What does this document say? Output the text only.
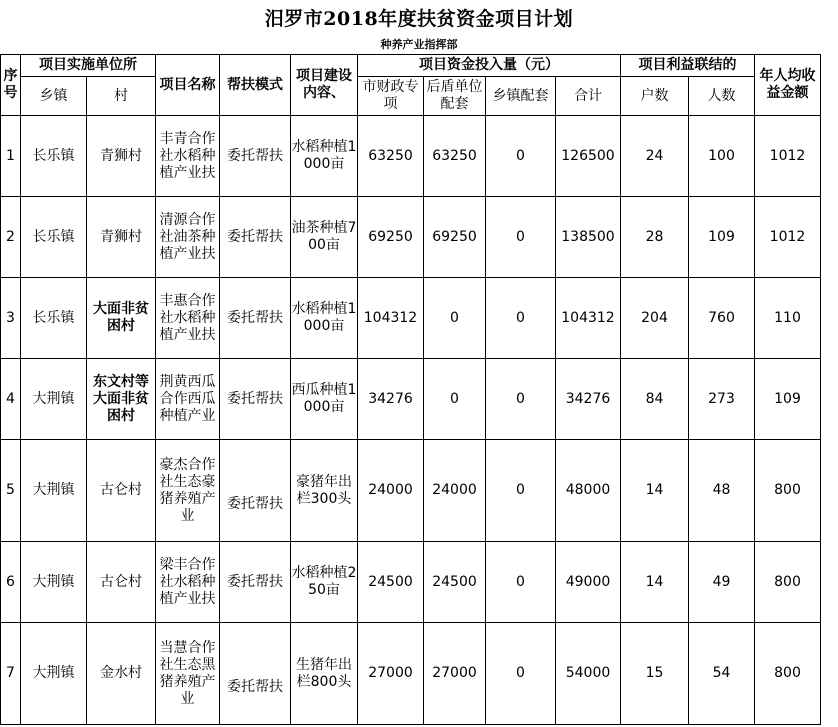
汨罗市2018年度扶贫资金项目计划
种养产业指挥部
序号	项目实施单位所		项目名称	帮扶模式	项目建设内容、	项目资金投入量（元）				项目利益联结的		年人均收益金额
	乡镇	村				市财政专项	后盾单位配套	乡镇配套	合计	户数	人数	
1	长乐镇	青狮村	丰青合作社水稻种植产业扶	委托帮扶	水稻种植1000亩	63250	63250	0	126500	24	100	1012
2	长乐镇	青狮村	清源合作社油茶种植产业扶	委托帮扶	油茶种植700亩	69250	69250	0	138500	28	109	1012
3	长乐镇	大面非贫困村	丰惠合作社水稻种植产业扶	委托帮扶	水稻种植1000亩	104312	0	0	104312	204	760	110
4	大荆镇	东文村等大面非贫困村	荆黄西瓜合作西瓜种植产业	委托帮扶	西瓜种植1000亩	34276	0	0	34276	84	273	109
5	大荆镇	古仑村	豪杰合作社生态豪猪养殖产业	委托帮扶	豪猪年出栏300头	24000	24000	0	48000	14	48	800
6	大荆镇	古仑村	梁丰合作社水稻种植产业扶	委托帮扶	水稻种植250亩	24500	24500	0	49000	14	49	800
7	大荆镇	金水村	当慧合作社生态黑猪养殖产业	委托帮扶	生猪年出栏800头	27000	27000	0	54000	15	54	800
